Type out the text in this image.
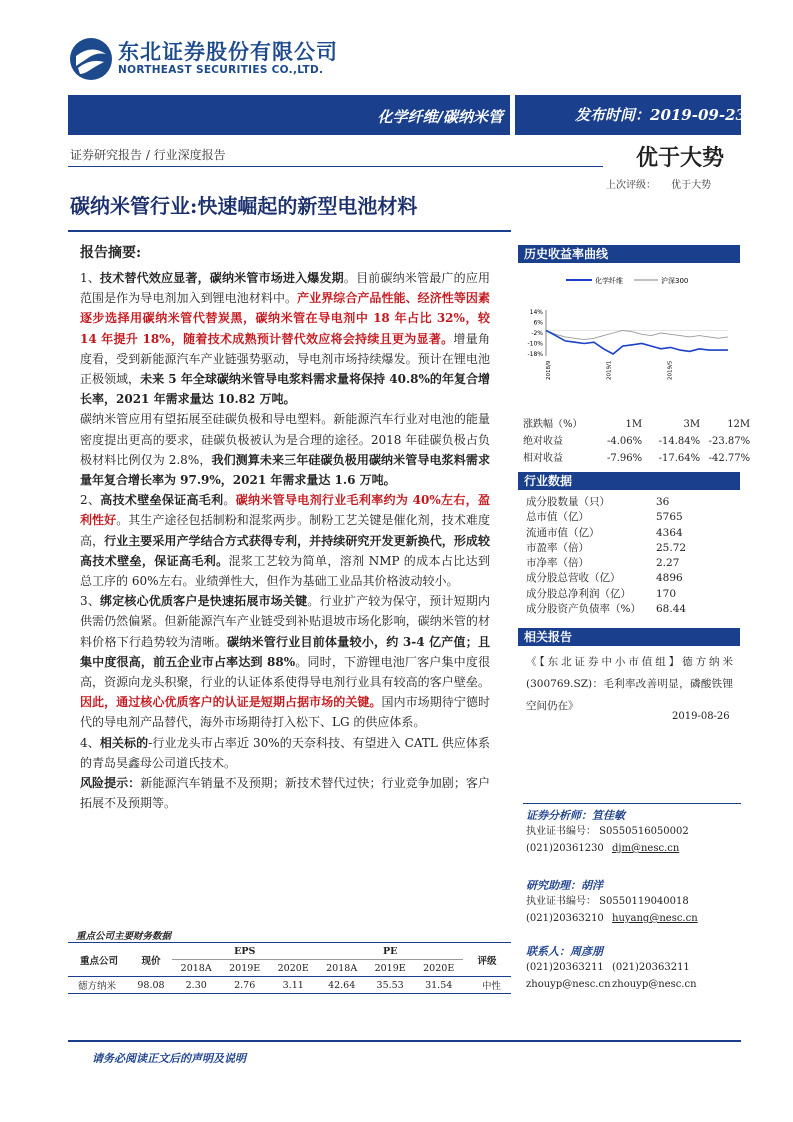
东北证券股份有限公司
NORTHEAST SECURITIES CO.,LTD.
化学纤维/碳纳米管	发布时间：2019-09-23
证券研究报告 / 行业深度报告	优于大势
上次评级： 优于大势
碳纳米管行业:快速崛起的新型电池材料
报告摘要:

1、技术替代效应显著，碳纳米管市场进入爆发期。目前碳纳米管最广的应用范围是作为导电剂加入到锂电池材料中。产业界综合产品性能、经济性等因素逐步选择用碳纳米管代替炭黑，碳纳米管在导电剂中 18 年占比 32%，较 14 年提升 18%，随着技术成熟预计替代效应将会持续且更为显著。增量角度看，受到新能源汽车产业链强势驱动，导电剂市场持续爆发。预计在锂电池正极领域，未来 5 年全球碳纳米管导电浆料需求量将保持 40.8%的年复合增长率，2021 年需求量达 10.82 万吨。

碳纳米管应用有望拓展至硅碳负极和导电塑料。新能源汽车行业对电池的能量密度提出更高的要求，硅碳负极被认为是合理的途径。2018 年硅碳负极占负极材料比例仅为 2.8%，我们测算未来三年硅碳负极用碳纳米管导电浆料需求量年复合增长率为 97.9%，2021 年需求量达 1.6 万吨。

2、高技术壁垒保证高毛利。碳纳米管导电剂行业毛利率约为 40%左右，盈利性好。其生产途径包括制粉和混浆两步。制粉工艺关键是催化剂，技术难度高，行业主要采用产学结合方式获得专利，并持续研究开发更新换代，形成较高技术壁垒，保证高毛利。混浆工艺较为简单，溶剂 NMP 的成本占比达到总工序的 60%左右。业绩弹性大，但作为基础工业品其价格波动较小。

3、绑定核心优质客户是快速拓展市场关键。行业扩产较为保守，预计短期内供需仍然偏紧。但新能源汽车产业链受到补贴退坡市场化影响，碳纳米管的材料价格下行趋势较为清晰。碳纳米管行业目前体量较小，约 3-4 亿产值；且集中度很高，前五企业市占率达到 88%。同时，下游锂电池厂客户集中度很高，资源向龙头积聚，行业的认证体系使得导电剂行业具有较高的客户壁垒。因此，通过核心优质客户的认证是短期占据市场的关键。国内市场期待宁德时代的导电剂产品替代，海外市场期待打入松下、LG 的供应体系。

4、相关标的-行业龙头市占率近 30%的天奈科技、有望进入 CATL 供应体系的青岛昊鑫母公司道氏技术。

风险提示：新能源汽车销量不及预期；新技术替代过快；行业竞争加剧；客户拓展不及预期等。

历史收益率曲线
化学纤维	沪深300
14%
6%
-2%
-10%
-18%
2018/9	2019/1	2019/5
涨跌幅（%）	1M	3M	12M
绝对收益	-4.06%	-14.84%	-23.87%
相对收益	-7.96%	-17.64%	-42.77%
行业数据
成分股数量（只）	36
总市值（亿）	5765
流通市值（亿）	4364
市盈率（倍）	25.72
市净率（倍）	2.27
成分股总营收（亿）	4896
成分股总净利润（亿）	170
成分股资产负债率（%）	68.44
相关报告
《【东北证券中小市值组】德方纳米(300769.SZ)：毛利率改善明显，磷酸铁锂空间仍在》
2019-08-26
证券分析师：笪佳敏
执业证书编号： S0550516050002
(021)20361230 djm@nesc.cn
研究助理：胡洋
执业证书编号： S0550119040018
(021)20363210 huyang@nesc.cn
联系人：周彦朋
(021)20363211 (021)20363211
zhouyp@nesc.cn zhouyp@nesc.cn
重点公司主要财务数据
重点公司	现价	EPS			PE			评级
		2018A	2019E	2020E	2018A	2019E	2020E	
德方纳米	98.08	2.30	2.76	3.11	42.64	35.53	31.54	中性
请务必阅读正文后的声明及说明
